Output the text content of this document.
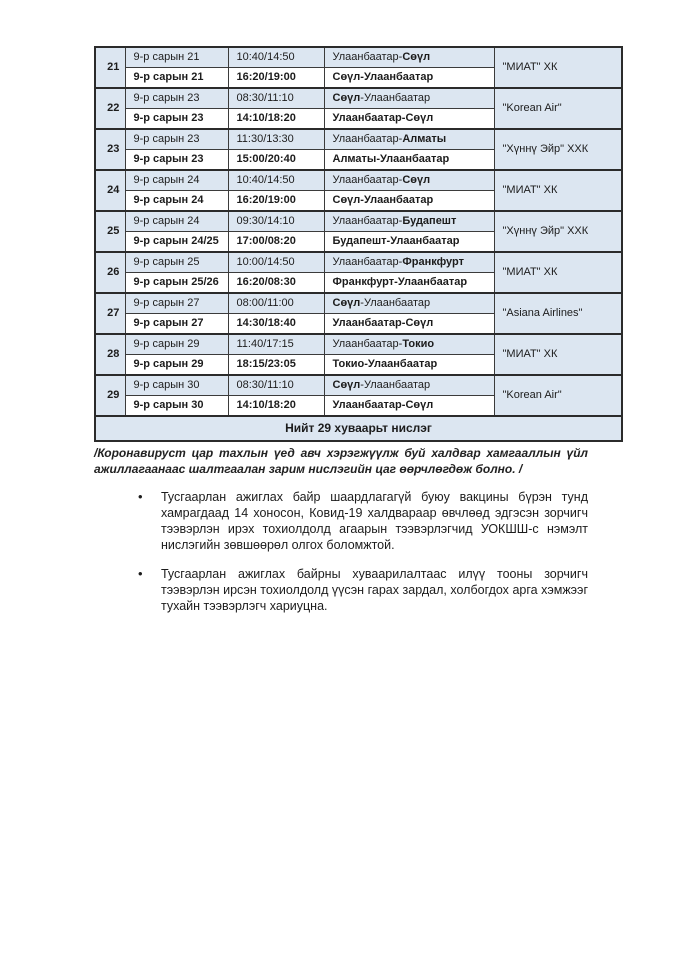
21	9-р сарын 21	10:40/14:50	Улаанбаатар-Сөүл	"МИАТ" ХК
	9-р сарын 21	16:20/19:00	Сөүл-Улаанбаатар	
22	9-р сарын 23	08:30/11:10	Сөүл-Улаанбаатар	"Korean Air"
	9-р сарын 23	14:10/18:20	Улаанбаатар-Сөүл	
23	9-р сарын 23	11:30/13:30	Улаанбаатар-Алматы	"Хүннү Эйр" ХХК
	9-р сарын 23	15:00/20:40	Алматы-Улаанбаатар	
24	9-р сарын 24	10:40/14:50	Улаанбаатар-Сөүл	"МИАТ" ХК
	9-р сарын 24	16:20/19:00	Сөүл-Улаанбаатар	
25	9-р сарын 24	09:30/14:10	Улаанбаатар-Будапешт	"Хүннү Эйр" ХХК
	9-р сарын 24/25	17:00/08:20	Будапешт-Улаанбаатар	
26	9-р сарын 25	10:00/14:50	Улаанбаатар-Франкфурт	"МИАТ" ХК
	9-р сарын 25/26	16:20/08:30	Франкфурт-Улаанбаатар	
27	9-р сарын 27	08:00/11:00	Сөүл-Улаанбаатар	"Asiana Airlines"
	9-р сарын 27	14:30/18:40	Улаанбаатар-Сөүл	
28	9-р сарын 29	11:40/17:15	Улаанбаатар-Токио	"МИАТ" ХК
	9-р сарын 29	18:15/23:05	Токио-Улаанбаатар	
29	9-р сарын 30	08:30/11:10	Сөүл-Улаанбаатар	"Korean Air"
	9-р сарын 30	14:10/18:20	Улаанбаатар-Сөүл	
Нийт 29 хуваарьт нислэг				

/Коронавируст цар тахлын үед авч хэрэгжүүлж буй халдвар хамгааллын үйл ажиллагаанаас шалтгаалан зарим нислэгийн цаг өөрчлөгдөж болно. /

•	Тусгаарлан ажиглах байр шаардлагагүй буюу вакцины бүрэн тунд хамрагдаад 14 хоносон, Ковид-19 халдвараар өвчлөөд эдгэсэн зорчигч тээвэрлэн ирэх тохиолдолд агаарын тээвэрлэгчид УОКШШ-с нэмэлт нислэгийн зөвшөөрөл олгох боломжтой.
•	Тусгаарлан ажиглах байрны хуваарилалтаас илүү тооны зорчигч тээвэрлэн ирсэн тохиолдолд үүсэн гарах зардал, холбогдох арга хэмжээг тухайн тээвэрлэгч хариуцна.
